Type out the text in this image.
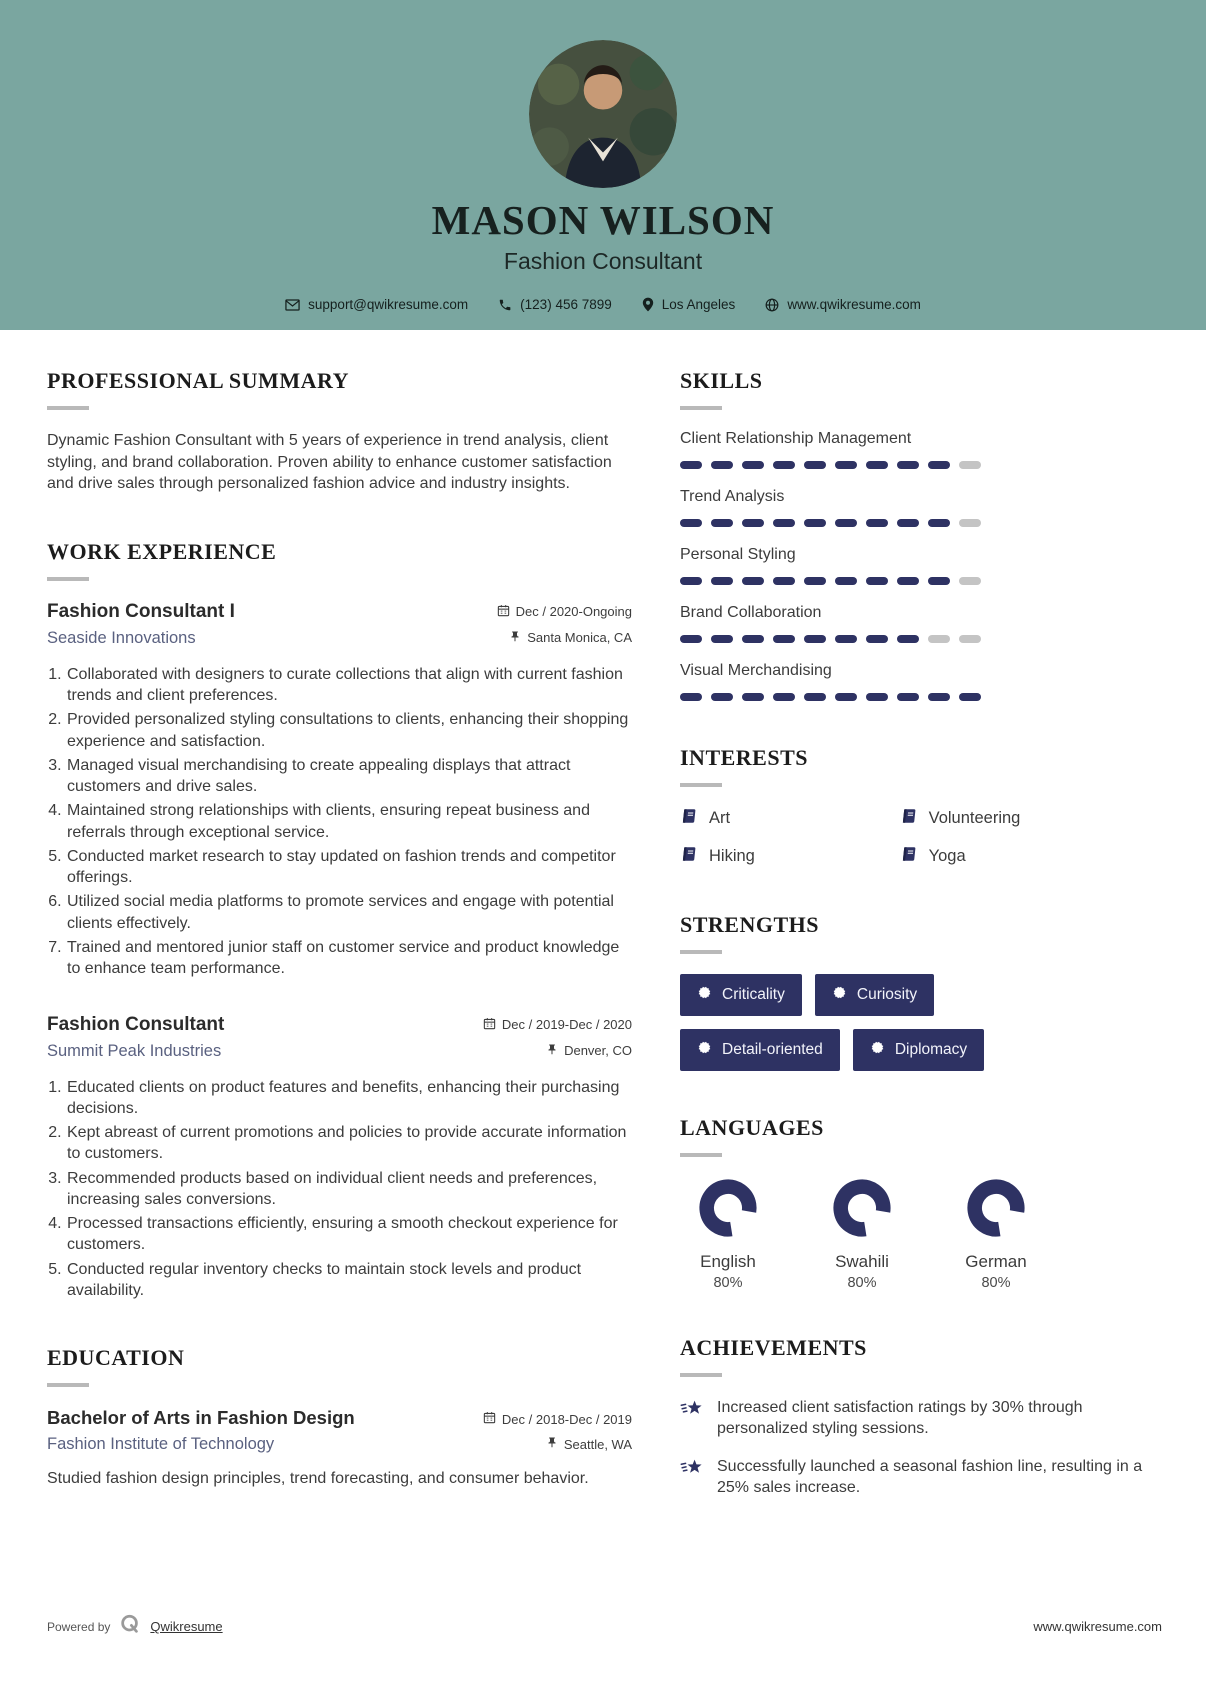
MASON WILSON
Fashion Consultant
support@qwikresume.com	(123) 456 7899	Los Angeles	www.qwikresume.com
PROFESSIONAL SUMMARY

Dynamic Fashion Consultant with 5 years of experience in trend analysis, client styling, and brand collaboration. Proven ability to enhance customer satisfaction and drive sales through personalized fashion advice and industry insights.

WORK EXPERIENCE
Fashion Consultant I	Dec / 2020-Ongoing
Seaside Innovations	Santa Monica, CA
1. Collaborated with designers to curate collections that align with current fashion trends and client preferences.
2. Provided personalized styling consultations to clients, enhancing their shopping experience and satisfaction.
3. Managed visual merchandising to create appealing displays that attract customers and drive sales.
4. Maintained strong relationships with clients, ensuring repeat business and referrals through exceptional service.
5. Conducted market research to stay updated on fashion trends and competitor offerings.
6. Utilized social media platforms to promote services and engage with potential clients effectively.
7. Trained and mentored junior staff on customer service and product knowledge to enhance team performance.
Fashion Consultant	Dec / 2019-Dec / 2020
Summit Peak Industries	Denver, CO
1. Educated clients on product features and benefits, enhancing their purchasing decisions.
2. Kept abreast of current promotions and policies to provide accurate information to customers.
3. Recommended products based on individual client needs and preferences, increasing sales conversions.
4. Processed transactions efficiently, ensuring a smooth checkout experience for customers.
5. Conducted regular inventory checks to maintain stock levels and product availability.
EDUCATION
Bachelor of Arts in Fashion Design	Dec / 2018-Dec / 2019
Fashion Institute of Technology	Seattle, WA

Studied fashion design principles, trend forecasting, and consumer behavior.

SKILLS
Client Relationship Management
Trend Analysis
Personal Styling
Brand Collaboration
Visual Merchandising
INTERESTS
Art	Volunteering
Hiking	Yoga
STRENGTHS
Criticality	Curiosity
Detail-oriented	Diplomacy
LANGUAGES
English
80%
Swahili
80%
German
80%
ACHIEVEMENTS
Increased client satisfaction ratings by 30% through personalized styling sessions.
Successfully launched a seasonal fashion line, resulting in a 25% sales increase.
Powered by	Qwikresume	www.qwikresume.com
